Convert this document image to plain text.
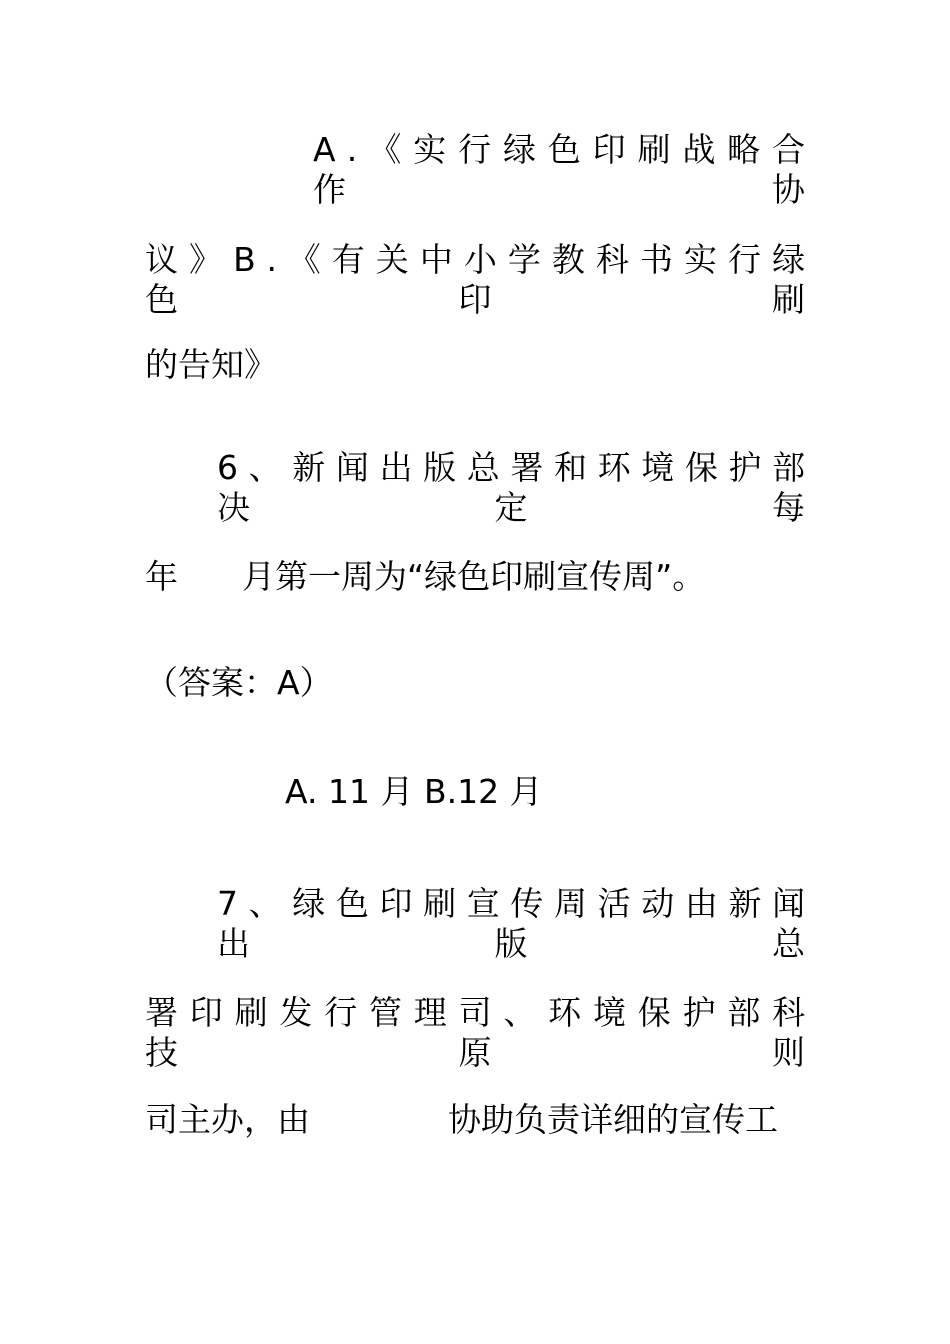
A . 《 实 行 绿 色 印 刷 战 略 合 作	协
议 》 B . 《 有 关 中 小 学 教 科 书 实 行 绿 色	印	刷
的告知》
6 、 新 闻 出 版 总 署 和 环 境 保 护 部 决	定	每
年 月第一周为“绿色印刷宣传周”。
（答案：A）
A. 11 月 B.12 月
7 、 绿 色 印 刷 宣 传 周 活 动 由 新 闻 出	版	总
署 印 刷 发 行 管 理 司 、 环 境 保 护 部 科 技	原	则
司主办，由	协助负责详细的宣传工
